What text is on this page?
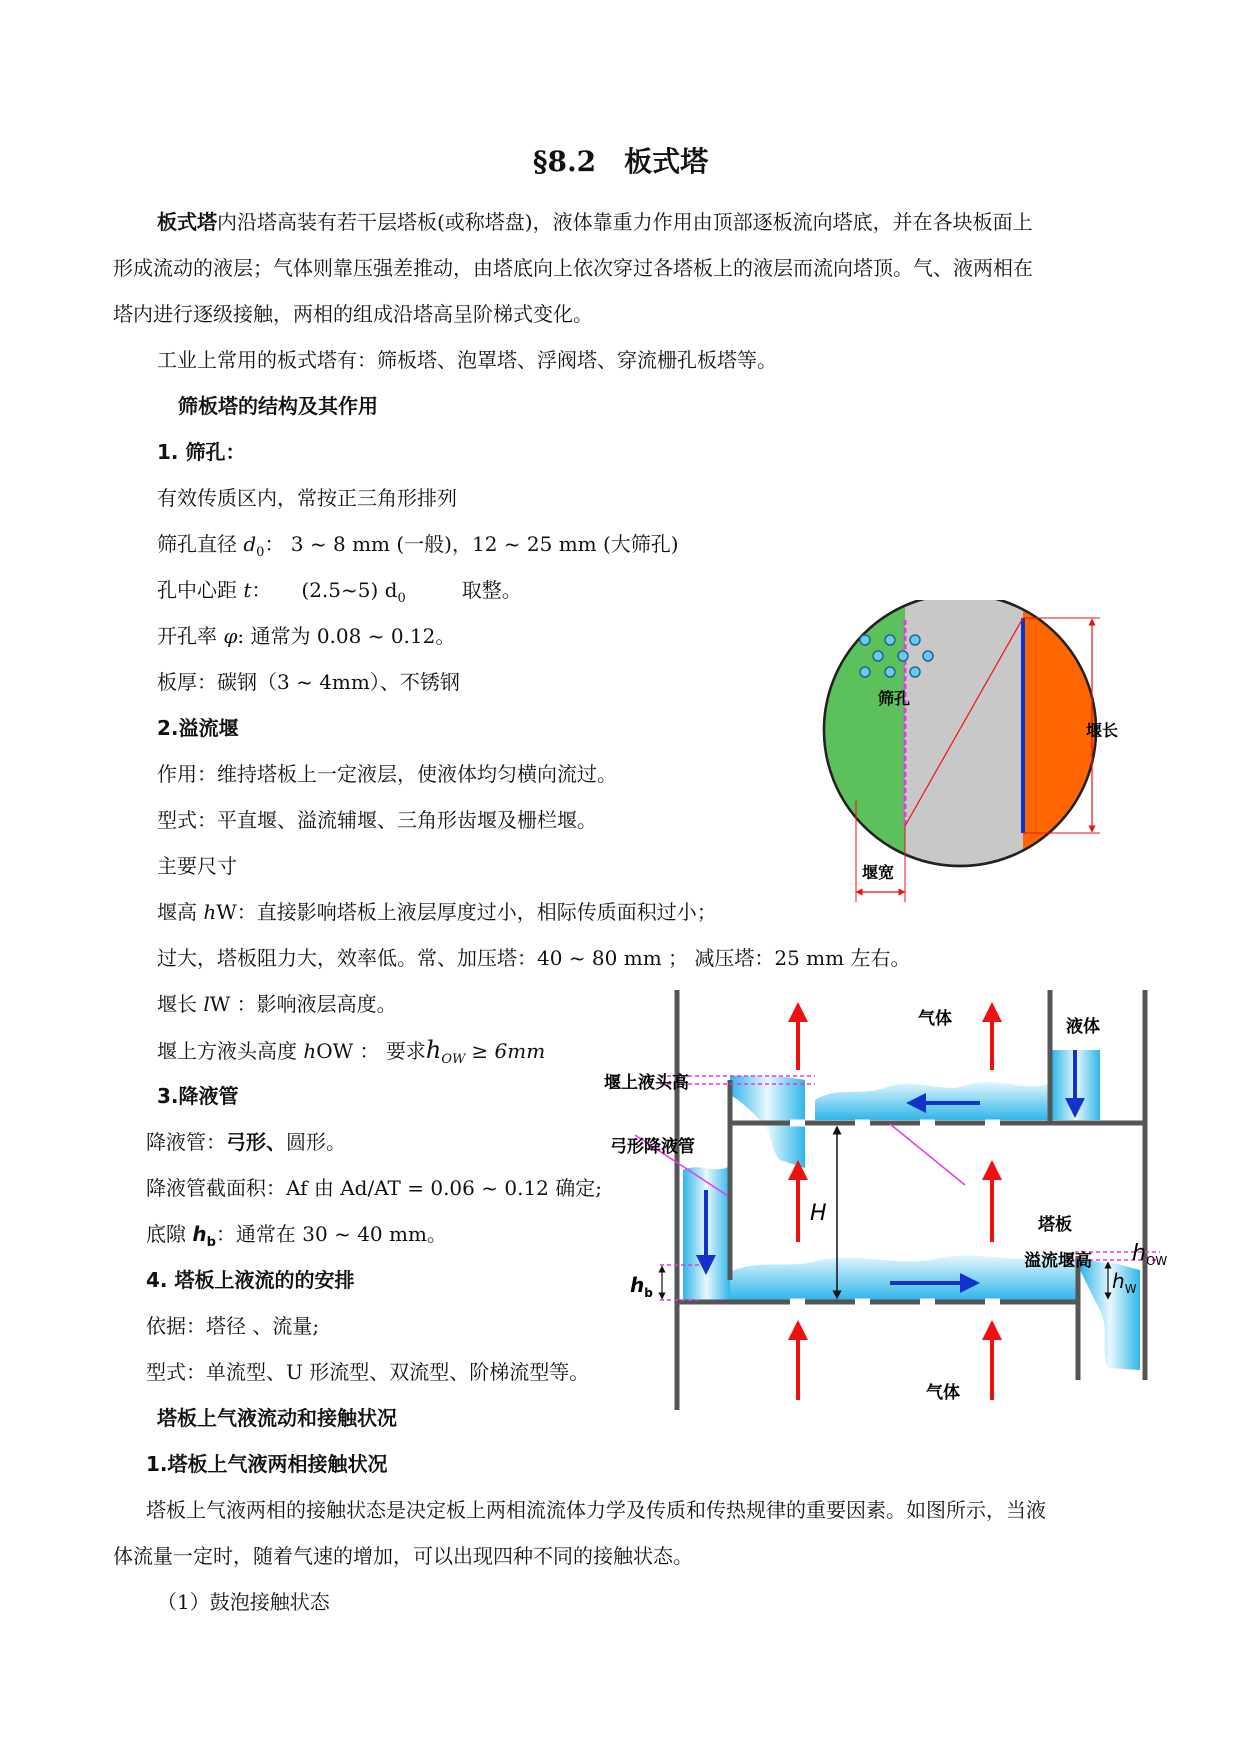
§8.2　板式塔
板式塔内沿塔高装有若干层塔板(或称塔盘)，液体靠重力作用由顶部逐板流向塔底，并在各块板面上
形成流动的液层；气体则靠压强差推动，由塔底向上依次穿过各塔板上的液层而流向塔顶。气、液两相在
塔内进行逐级接触，两相的组成沿塔高呈阶梯式变化。
工业上常用的板式塔有：筛板塔、泡罩塔、浮阀塔、穿流栅孔板塔等。
筛板塔的结构及其作用
1. 筛孔：
有效传质区内，常按正三角形排列
筛孔直径 $d_0$： 3 ~ 8 mm (一般)，12 ~ 25 mm (大筛孔)
孔中心距 t： (2.5~5) $d_0$	取整。
开孔率 φ: 通常为 0.08 ~ 0.12。
板厚：碳钢（3 ~ 4mm）、不锈钢
2.溢流堰
作用：维持塔板上一定液层，使液体均匀横向流过。
型式：平直堰、溢流辅堰、三角形齿堰及栅栏堰。
主要尺寸
堰高 hW：直接影响塔板上液层厚度过小，相际传质面积过小；
过大，塔板阻力大，效率低。常、加压塔：40 ~ 80 mm ； 减压塔：25 mm 左右。
堰长 lW ：影响液层高度。
堰上方液头高度 hOW ： 要求$h_{OW} \ge 6mm$
3.降液管
降液管：弓形、圆形。
降液管截面积：Af 由 Ad/AT = 0.06 ~ 0.12 确定;
底隙 $h_b$：通常在 30 ~ 40 mm。
4. 塔板上液流的的安排
依据：塔径 、流量;
型式：单流型、U 形流型、双流型、阶梯流型等。
塔板上气液流动和接触状况
1.塔板上气液两相接触状况
塔板上气液两相的接触状态是决定板上两相流流体力学及传质和传热规律的重要因素。如图所示，当液
体流量一定时，随着气速的增加，可以出现四种不同的接触状态。
（1）鼓泡接触状态
筛孔
堰长
堰宽
H
$h_b$	$h_W$
$h_{OW}$
气体	液体
堰上液头高
弓形降液管
塔板
溢流堰高
气体
